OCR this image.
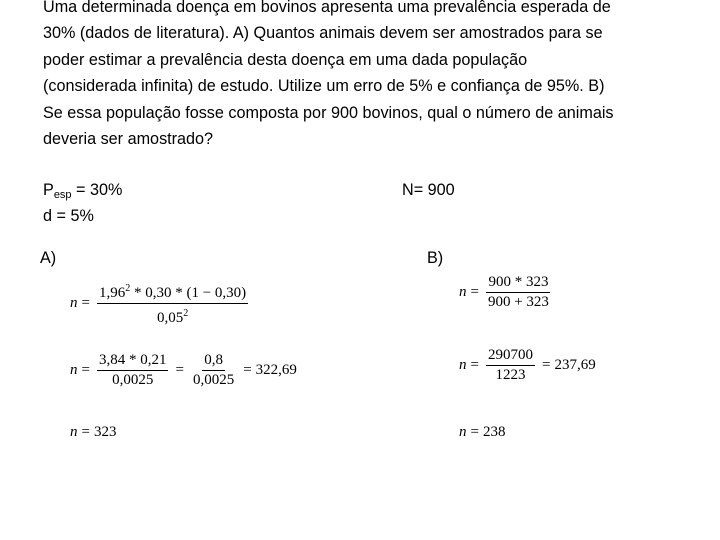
Uma determinada doença em bovinos apresenta uma prevalência esperada de
30% (dados de literatura). A) Quantos animais devem ser amostrados para se
poder estimar a prevalência desta doença em uma dada população
(considerada infinita) de estudo. Utilize um erro de 5% e confiança de 95%. B)
Se essa população fosse composta por 900 bovinos, qual o número de animais
deveria ser amostrado?
$P_{esp} = 30\%$
d = 5%
N= 900
A)	B)
$n = \frac{1,96^2 * 0,30 * (1 - 0,30)}{0,05^2}$
$n = \frac{3,84 * 0,21}{0,0025} = \frac{0,8}{0,0025} = 322,69$
n = 323
$n = \frac{900 * 323}{900 + 323}$
$n = \frac{290700}{1223} = 237,69$
n = 238
